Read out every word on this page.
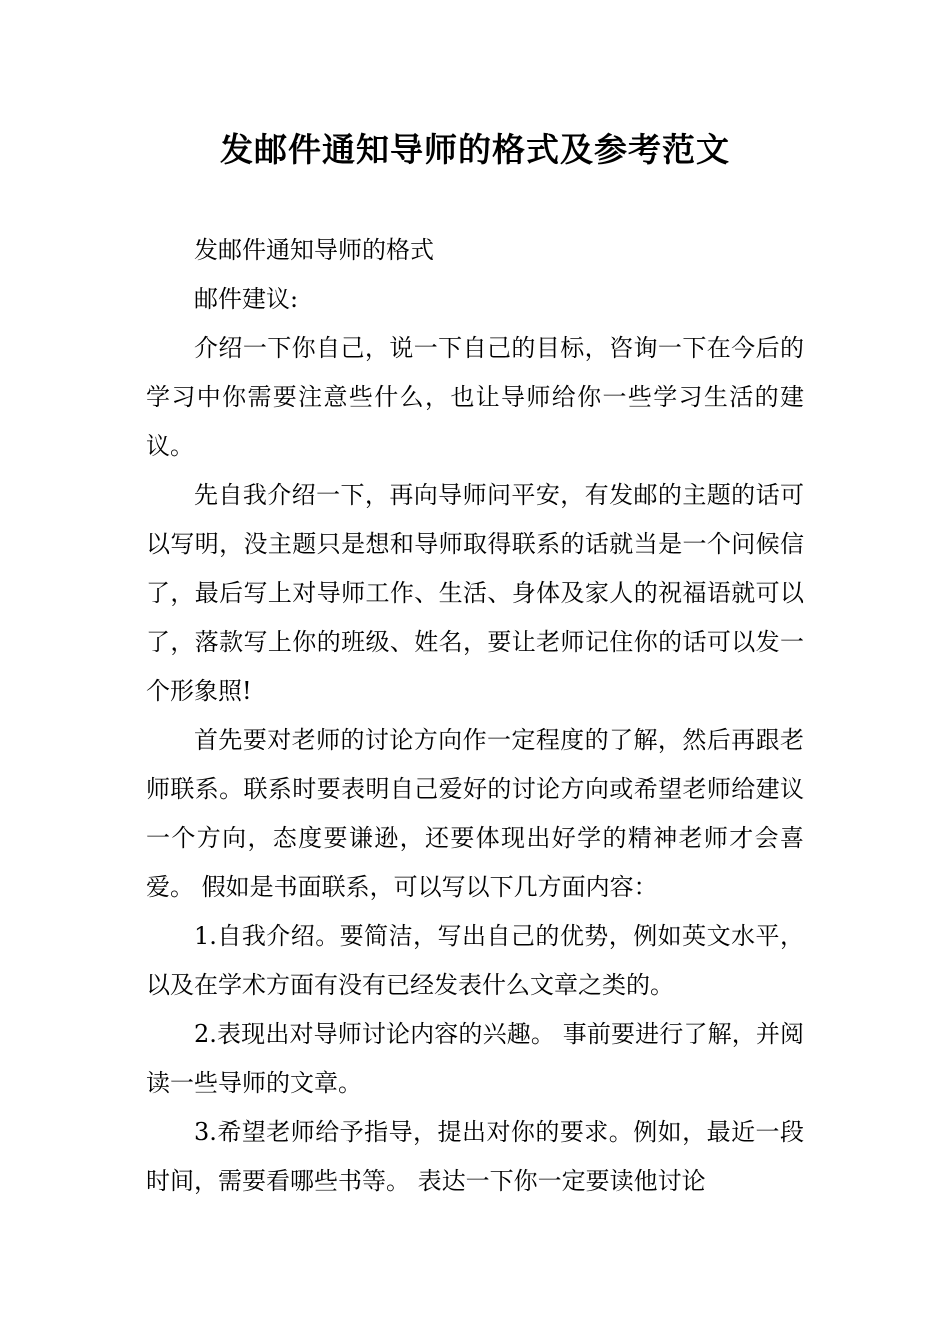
发邮件通知导师的格式及参考范文

发邮件通知导师的格式

邮件建议:

介绍一下你自己，说一下自己的目标，咨询一下在今后的学习中你需要注意些什么，也让导师给你一些学习生活的建议。

先自我介绍一下，再向导师问平安，有发邮的主题的话可以写明，没主题只是想和导师取得联系的话就当是一个问候信了，最后写上对导师工作、生活、身体及家人的祝福语就可以了，落款写上你的班级、姓名，要让老师记住你的话可以发一个形象照!

首先要对老师的讨论方向作一定程度的了解，然后再跟老师联系。联系时要表明自己爱好的讨论方向或希望老师给建议一个方向，态度要谦逊，还要体现出好学的精神老师才会喜爱。 假如是书面联系，可以写以下几方面内容：

1.自我介绍。要简洁，写出自己的优势，例如英文水平，以及在学术方面有没有已经发表什么文章之类的。

2.表现出对导师讨论内容的兴趣。 事前要进行了解，并阅读一些导师的文章。

3.希望老师给予指导，提出对你的要求。例如，最近一段时间，需要看哪些书等。 表达一下你一定要读他讨论
